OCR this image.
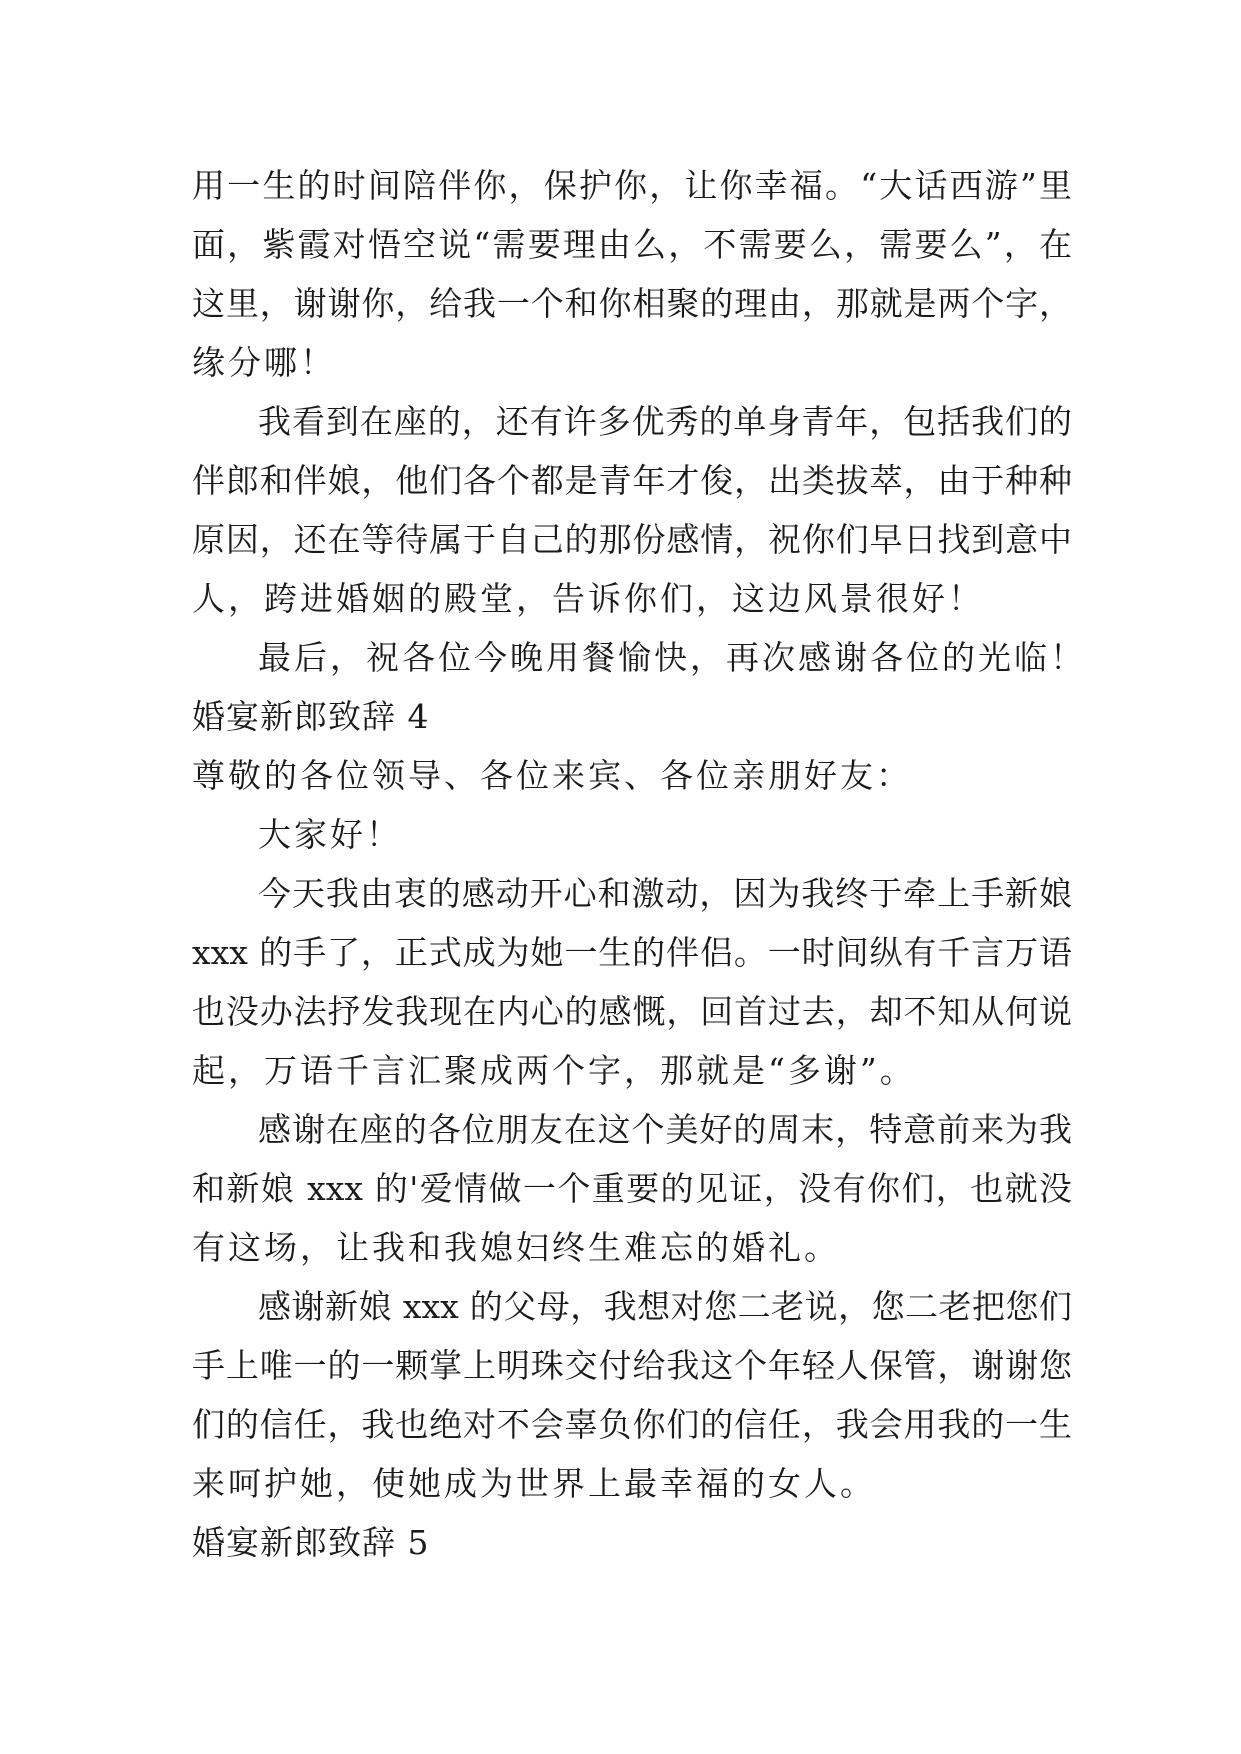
用一生的时间陪伴你，保护你，让你幸福。“大话西游”里
面，紫霞对悟空说“需要理由么，不需要么，需要么”，在
这里，谢谢你，给我一个和你相聚的理由，那就是两个字，
缘分哪！
我看到在座的，还有许多优秀的单身青年，包括我们的
伴郎和伴娘，他们各个都是青年才俊，出类拔萃，由于种种
原因，还在等待属于自己的那份感情，祝你们早日找到意中
人，跨进婚姻的殿堂，告诉你们，这边风景很好！
最后，祝各位今晚用餐愉快，再次感谢各位的光临！
婚宴新郎致辞 4
尊敬的各位领导、各位来宾、各位亲朋好友：
大家好！
今天我由衷的感动开心和激动，因为我终于牵上手新娘
xxx 的手了，正式成为她一生的伴侣。一时间纵有千言万语
也没办法抒发我现在内心的感慨，回首过去，却不知从何说
起，万语千言汇聚成两个字，那就是“多谢”。
感谢在座的各位朋友在这个美好的周末，特意前来为我
和新娘 xxx 的'爱情做一个重要的见证，没有你们，也就没
有这场，让我和我媳妇终生难忘的婚礼。
感谢新娘 xxx 的父母，我想对您二老说，您二老把您们
手上唯一的一颗掌上明珠交付给我这个年轻人保管，谢谢您
们的信任，我也绝对不会辜负你们的信任，我会用我的一生
来呵护她，使她成为世界上最幸福的女人。
婚宴新郎致辞 5
